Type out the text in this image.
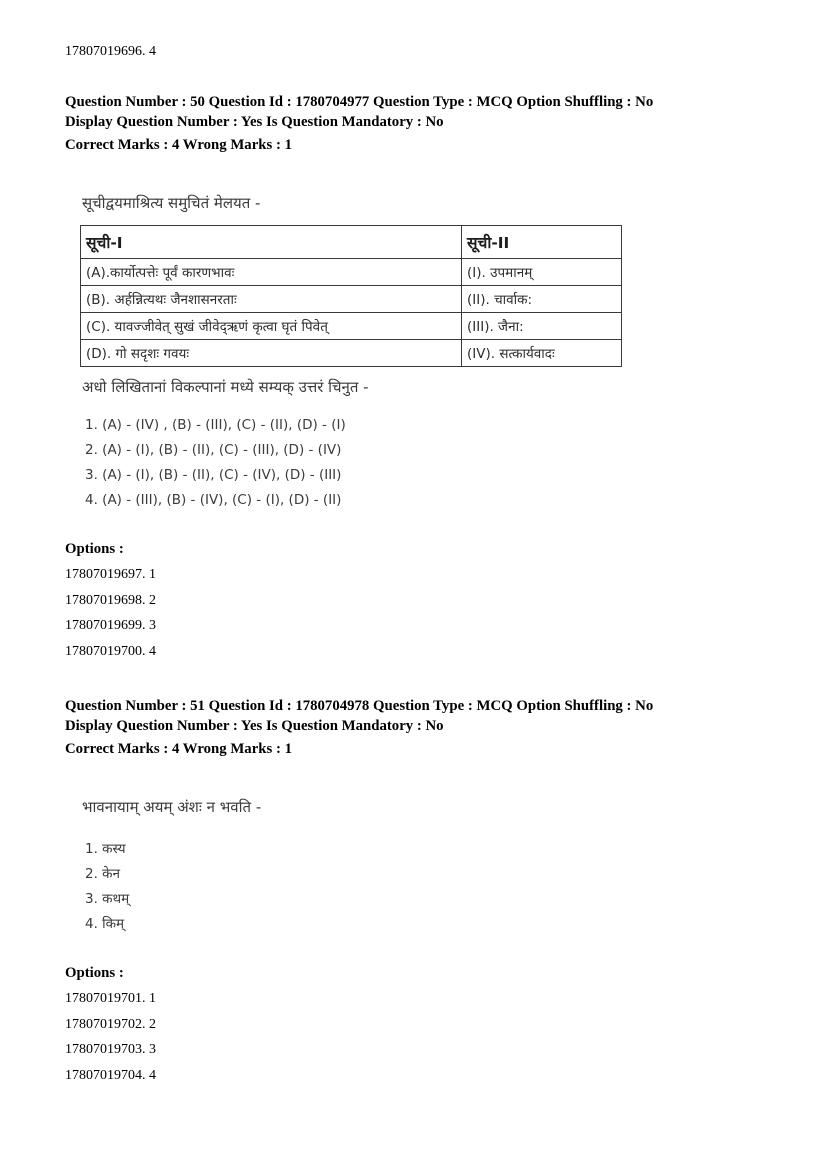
17807019696. 4
Question Number : 50 Question Id : 1780704977 Question Type : MCQ Option Shuffling : No
Display Question Number : Yes Is Question Mandatory : No
Correct Marks : 4 Wrong Marks : 1
सूचीद्वयमाश्रित्य समुचितं मेलयत -
सूची-I	सूची-II
(A).कार्योत्पत्तेः पूर्वं कारणभावः	(I). उपमानम्
(B). अर्हन्नित्यथः जैनशासनरताः	(II). चार्वाक:
(C). यावज्जीवेत् सुखं जीवेद्ऋणं कृत्वा घृतं पिवेत्	(III). जैना:
(D). गो सदृशः गवयः	(IV). सत्कार्यवादः
अधो लिखितानां विकल्पानां मध्ये सम्यक् उत्तरं चिनुत -
1. (A) - (IV) , (B) - (III), (C) - (II), (D) - (I)
2. (A) - (I), (B) - (II), (C) - (III), (D) - (IV)
3. (A) - (I), (B) - (II), (C) - (IV), (D) - (III)
4. (A) - (III), (B) - (IV), (C) - (I), (D) - (II)
Options :
17807019697. 1
17807019698. 2
17807019699. 3
17807019700. 4
Question Number : 51 Question Id : 1780704978 Question Type : MCQ Option Shuffling : No
Display Question Number : Yes Is Question Mandatory : No
Correct Marks : 4 Wrong Marks : 1
भावनायाम् अयम् अंशः न भवति -
1. कस्य
2. केन
3. कथम्
4. किम्
Options :
17807019701. 1
17807019702. 2
17807019703. 3
17807019704. 4
